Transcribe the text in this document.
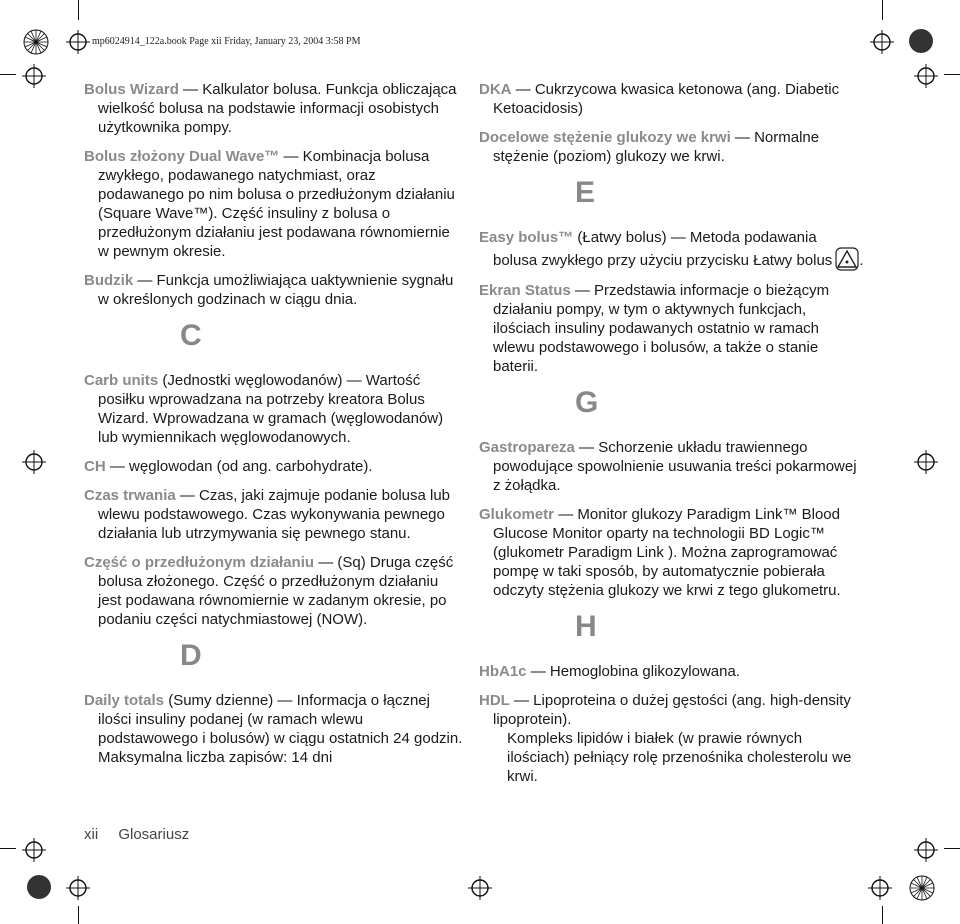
mp6024914_122a.book Page xii Friday, January 23, 2004 3:58 PM
Bolus Wizard — Kalkulator bolusa. Funkcja obliczająca wielkość bolusa na podstawie informacji osobistych użytkownika pompy.
Bolus złożony Dual Wave™ — Kombinacja bolusa zwykłego, podawanego natychmiast, oraz podawanego po nim bolusa o przedłużonym działaniu (Square Wave™). Część insuliny z bolusa o przedłużonym działaniu jest podawana równomiernie w pewnym okresie.
Budzik — Funkcja umożliwiająca uaktywnienie sygnału w określonych godzinach w ciągu dnia.
C
Carb units (Jednostki węglowodanów) — Wartość posiłku wprowadzana na potrzeby kreatora Bolus Wizard. Wprowadzana w gramach (węglowodanów) lub wymiennikach węglowodanowych.
CH — węglowodan (od ang. carbohydrate).
Czas trwania — Czas, jaki zajmuje podanie bolusa lub wlewu podstawowego. Czas wykonywania pewnego działania lub utrzymywania się pewnego stanu.
Część o przedłużonym działaniu — (Sq) Druga część bolusa złożonego. Część o przedłużonym działaniu jest podawana równomiernie w zadanym okresie, po podaniu części natychmiastowej (NOW).
D
Daily totals (Sumy dzienne) — Informacja o łącznej ilości insuliny podanej (w ramach wlewu podstawowego i bolusów) w ciągu ostatnich 24 godzin. Maksymalna liczba zapisów: 14 dni
DKA — Cukrzycowa kwasica ketonowa (ang. Diabetic Ketoacidosis)
Docelowe stężenie glukozy we krwi — Normalne stężenie (poziom) glukozy we krwi.
E
Easy bolus™ (Łatwy bolus) — Metoda podawania bolusa zwykłego przy użyciu przycisku Łatwy bolus .
Ekran Status — Przedstawia informacje o bieżącym działaniu pompy, w tym o aktywnych funkcjach, ilościach insuliny podawanych ostatnio w ramach wlewu podstawowego i bolusów, a także o stanie baterii.
G
Gastropareza — Schorzenie układu trawiennego powodujące spowolnienie usuwania treści pokarmowej z żołądka.
Glukometr — Monitor glukozy Paradigm Link™ Blood Glucose Monitor oparty na technologii BD Logic™ (glukometr Paradigm Link ). Można zaprogramować pompę w taki sposób, by automatycznie pobierała odczyty stężenia glukozy we krwi z tego glukometru.
H
HbA1c — Hemoglobina glikozylowana.
HDL — Lipoproteina o dużej gęstości (ang. high-density lipoprotein).
Kompleks lipidów i białek (w prawie równych ilościach) pełniący rolę przenośnika cholesterolu we krwi.
xii Glosariusz
